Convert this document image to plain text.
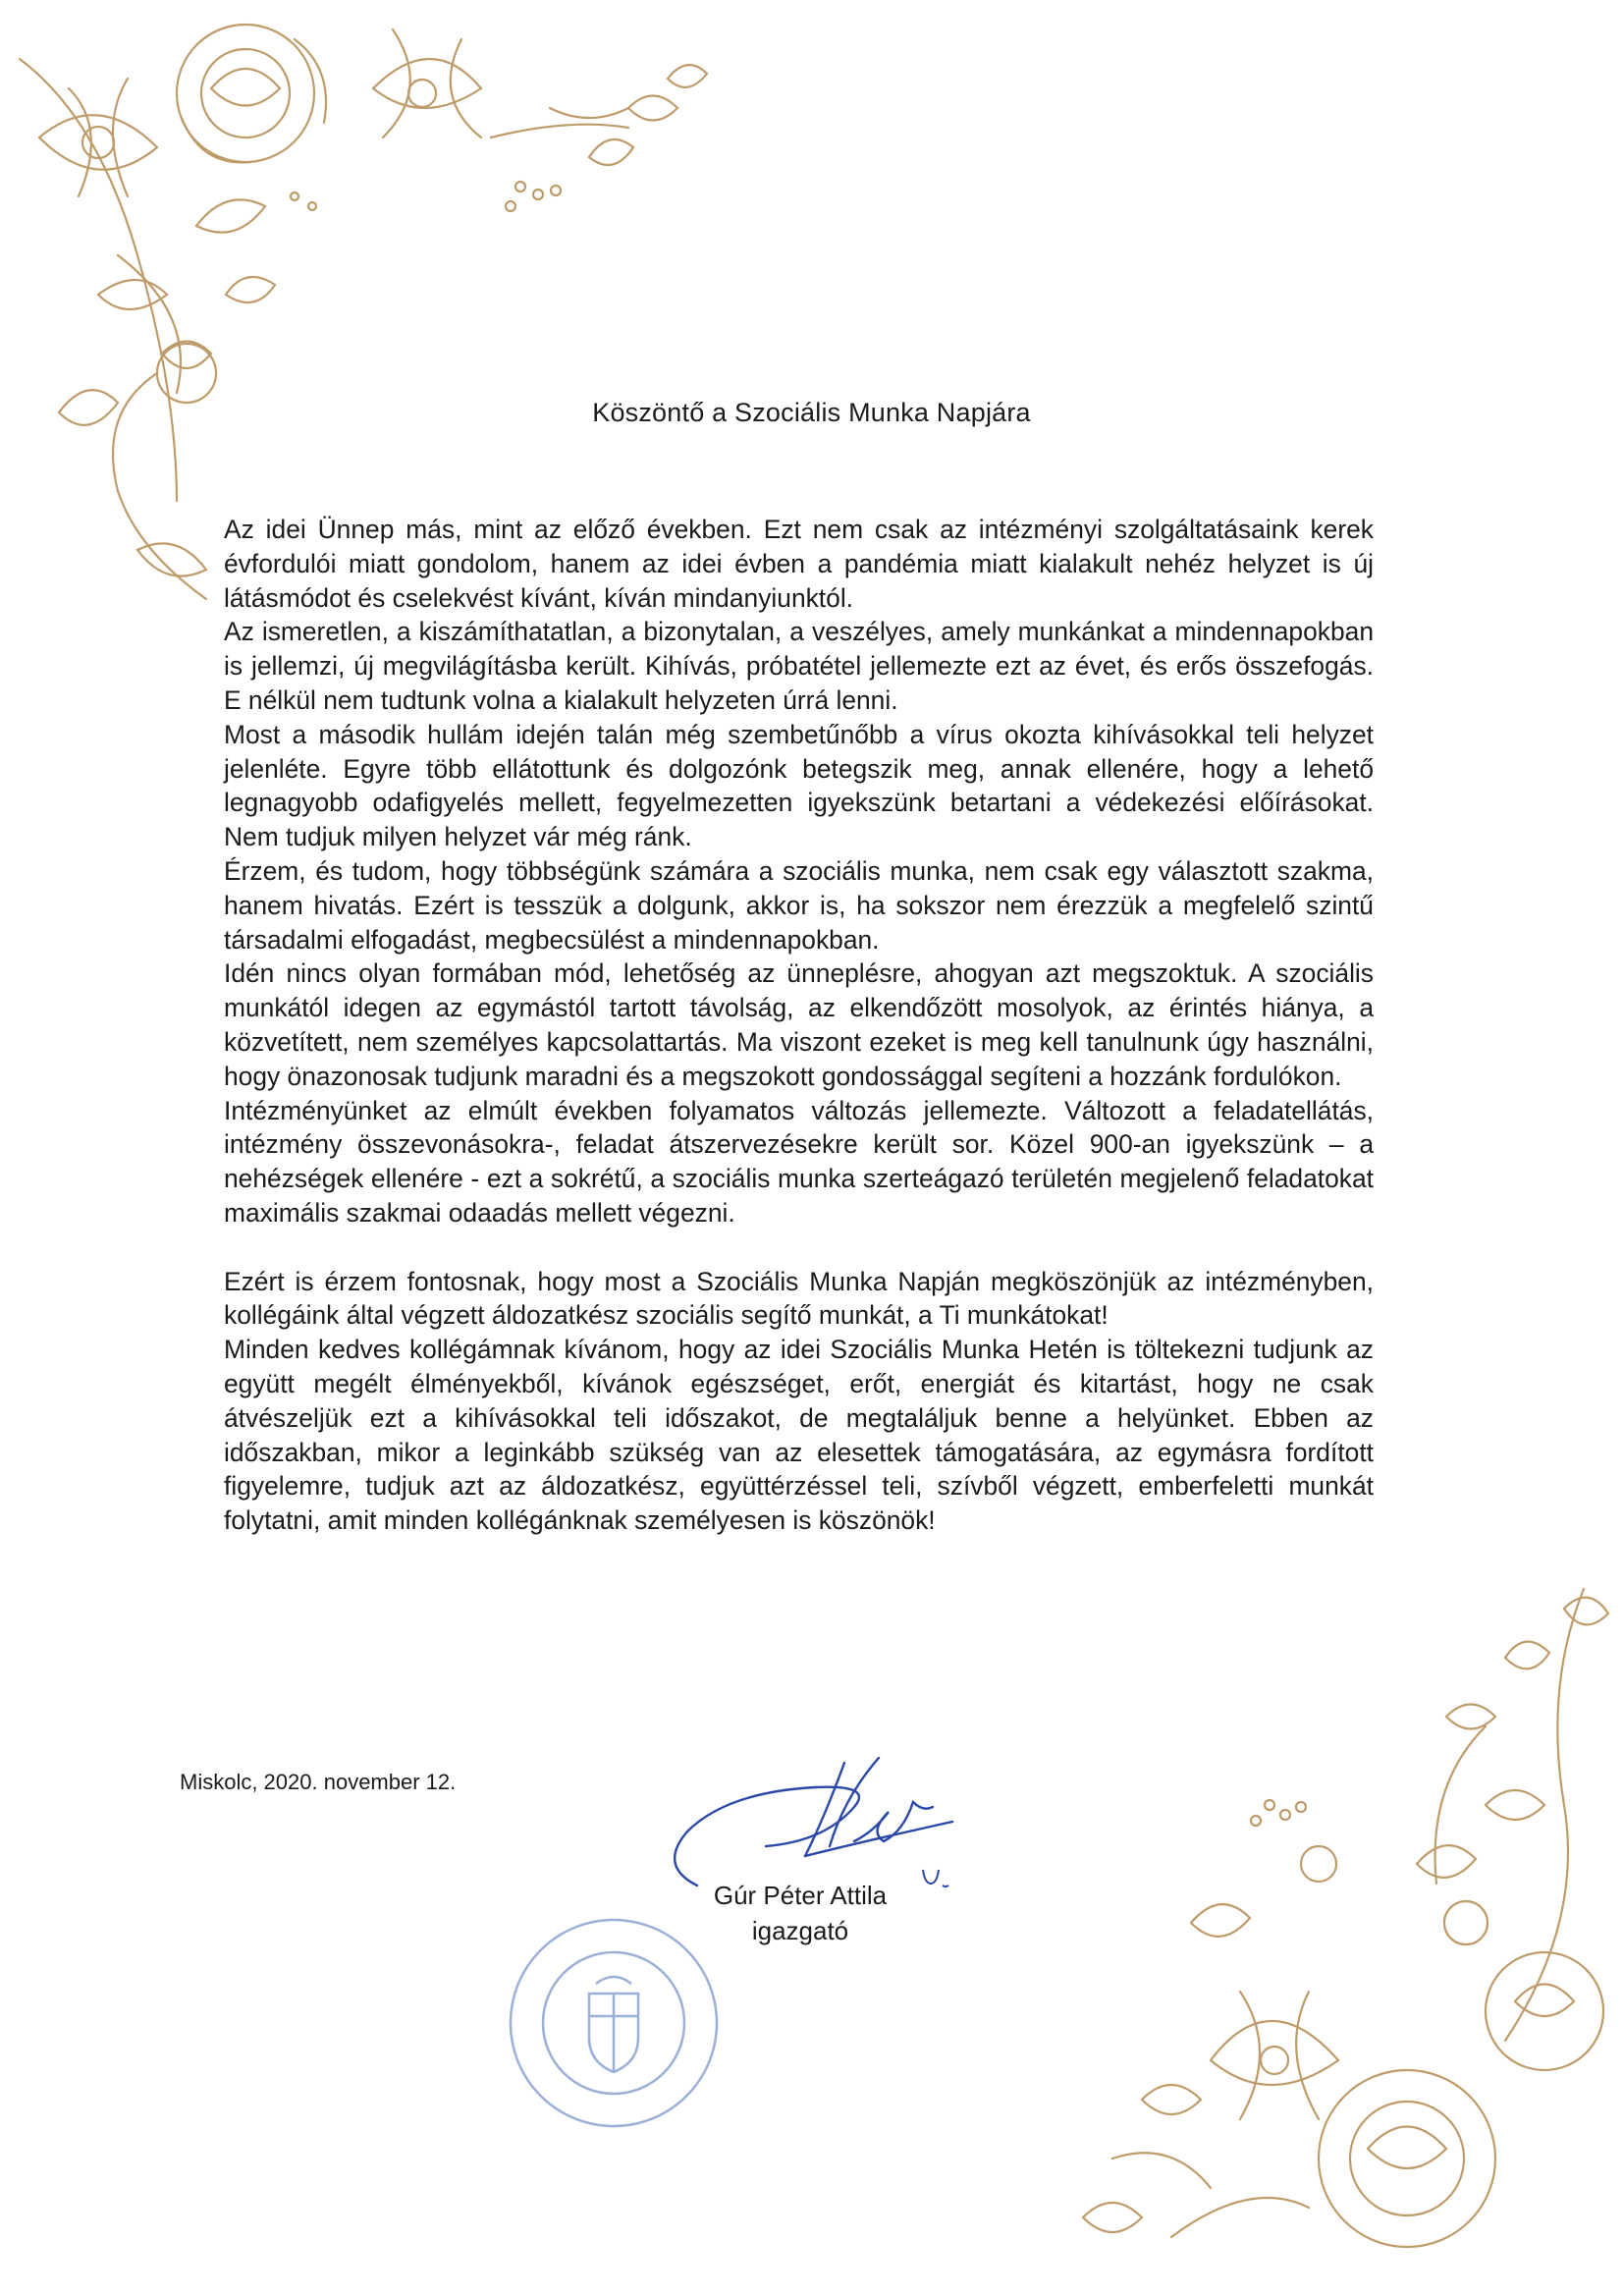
Köszöntő a Szociális Munka Napjára

Az idei Ünnep más, mint az előző években. Ezt nem csak az intézményi szolgáltatásaink kerek évfordulói miatt gondolom, hanem az idei évben a pandémia miatt kialakult nehéz helyzet is új látásmódot és cselekvést kívánt, kíván mindanyiunktól.

Az ismeretlen, a kiszámíthatatlan, a bizonytalan, a veszélyes, amely munkánkat a mindennapokban is jellemzi, új megvilágításba került. Kihívás, próbatétel jellemezte ezt az évet, és erős összefogás. E nélkül nem tudtunk volna a kialakult helyzeten úrrá lenni.

Most a második hullám idején talán még szembetűnőbb a vírus okozta kihívásokkal teli helyzet jelenléte. Egyre több ellátottunk és dolgozónk betegszik meg, annak ellenére, hogy a lehető legnagyobb odafigyelés mellett, fegyelmezetten igyekszünk betartani a védekezési előírásokat. Nem tudjuk milyen helyzet vár még ránk.

Érzem, és tudom, hogy többségünk számára a szociális munka, nem csak egy választott szakma, hanem hivatás. Ezért is tesszük a dolgunk, akkor is, ha sokszor nem érezzük a megfelelő szintű társadalmi elfogadást, megbecsülést a mindennapokban.

Idén nincs olyan formában mód, lehetőség az ünneplésre, ahogyan azt megszoktuk. A szociális munkától idegen az egymástól tartott távolság, az elkendőzött mosolyok, az érintés hiánya, a közvetített, nem személyes kapcsolattartás. Ma viszont ezeket is meg kell tanulnunk úgy használni, hogy önazonosak tudjunk maradni és a megszokott gondossággal segíteni a hozzánk fordulókon.

Intézményünket az elmúlt években folyamatos változás jellemezte. Változott a feladatellátás, intézmény összevonásokra-, feladat átszervezésekre került sor. Közel 900-an igyekszünk – a nehézségek ellenére - ezt a sokrétű, a szociális munka szerteágazó területén megjelenő feladatokat maximális szakmai odaadás mellett végezni.

Ezért is érzem fontosnak, hogy most a Szociális Munka Napján megköszönjük az intézményben, kollégáink által végzett áldozatkész szociális segítő munkát, a Ti munkátokat!

Minden kedves kollégámnak kívánom, hogy az idei Szociális Munka Hetén is töltekezni tudjunk az együtt megélt élményekből, kívánok egészséget, erőt, energiát és kitartást, hogy ne csak átvészeljük ezt a kihívásokkal teli időszakot, de megtaláljuk benne a helyünket. Ebben az időszakban, mikor a leginkább szükség van az elesettek támogatására, az egymásra fordított figyelemre, tudjuk azt az áldozatkész, együttérzéssel teli, szívből végzett, emberfeletti munkát folytatni, amit minden kollégánknak személyesen is köszönök!

Miskolc, 2020. november 12.
Gúr Péter Attila
igazgató
